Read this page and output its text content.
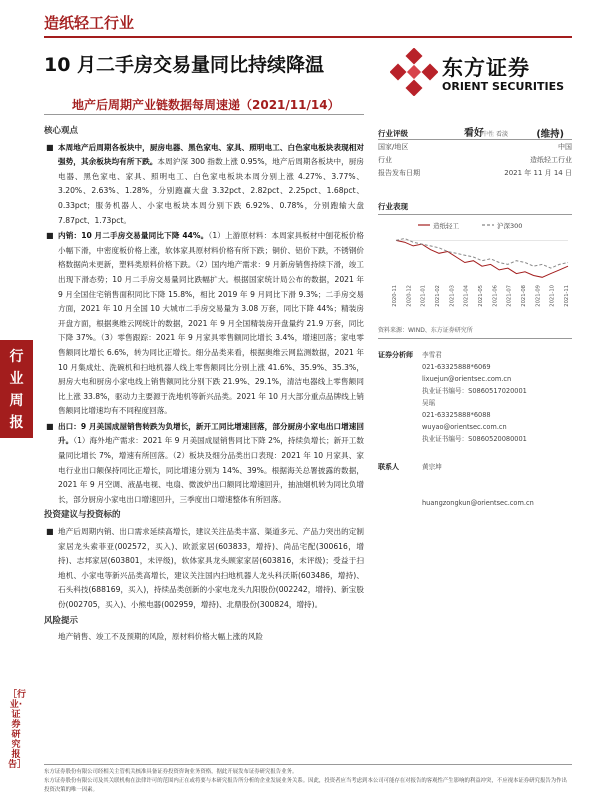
造纸轻工行业
10 月二手房交易量同比持续降温
地产后周期产业链数据每周速递（2021/11/14）
东方证券
ORIENT SECURITIES
行
业
周
报
［行业·证券研究报告］
核心观点
■ 本周地产后周期各板块中，厨房电器、黑色家电、家具、照明电工、白色家电板块表现相对强势，其余板块均有所下跌。本周沪深 300 指数上涨 0.95%，地产后周期各板块中，厨房电器、黑色家电、家具、照明电工、白色家电板块本周分别上涨 4.27%、3.77%、3.20%、2.63%、1.28%，分别跑赢大盘 3.32pct、2.82pct、2.25pct、1.68pct、0.33pct；服务机器人、小家电板块本周分别下跌 6.92%、0.78%，分别跑输大盘 7.87pct、1.73pct。
■ 内销：10 月二手房交易量同比下降 44%。（1）上游原材料：本周家具板材中刨花板价格小幅下滑，中密度板价格上涨，软体家具原材料价格有所下跌；铜价、铝价下跌，不锈钢价格数据尚未更新，塑料类原料价格下跌。（2）国内地产需求：9 月新房销售持续下滑，竣工出现下滑态势；10 月二手房交易量同比跌幅扩大。根据国家统计局公布的数据，2021 年 9 月全国住宅销售面积同比下降 15.8%，相比 2019 年 9 月同比下滑 9.3%；二手房交易方面，2021 年 10 月全国 10 大城市二手房交易量为 3.08 万套，同比下降 44%；精装房开盘方面，根据奥维云网统计的数据，2021 年 9 月全国精装房开盘量约 21.9 万套，同比下降 37%。（3）零售跟踪：2021 年 9 月家具零售额同比增长 3.4%，增速回落；家电零售额同比增长 6.6%，转为同比正增长。细分品类来看，根据奥维云网监测数据，2021 年 10 月集成灶、洗碗机和扫地机器人线上零售额同比分别上涨 41.6%、35.9%、35.3%，厨房大电和厨房小家电线上销售额同比分别下跌 21.9%、29.1%，清洁电器线上零售额同比上涨 33.8%，驱动力主要源于洗地机等新兴品类。2021 年 10 月大部分重点品牌线上销售额同比增速均有不同程度回落。
■ 出口：9 月美国成屋销售转跌为负增长，新开工同比增速回落，部分厨房小家电出口增速回升。（1）海外地产需求：2021 年 9 月美国成屋销售同比下降 2%，持续负增长；新开工数量同比增长 7%，增速有所回落。（2）板块及细分品类出口表现：2021 年 10 月家具、家电行业出口额保持同比正增长，同比增速分别为 14%、39%。根据海关总署披露的数据，2021 年 9 月空调、液晶电视、电扇、微波炉出口额同比增速回升，抽油烟机转为同比负增长，部分厨房小家电出口增速回升，三季度出口增速整体有所回落。
投资建议与投资标的
■ 地产后周期内销、出口需求延续高增长，建议关注品类丰富、渠道多元、产品力突出的定制家居龙头索菲亚(002572，买入)、欧派家居(603833，增持)、尚品宅配(300616，增持)、志邦家居(603801，未评级)，软体家具龙头顾家家居(603816，未评级)；受益于扫地机、小家电等新兴品类高增长，建议关注国内扫地机器人龙头科沃斯(603486，增持)、石头科技(688169，买入)，持续品类创新的小家电龙头九阳股份(002242，增持)、新宝股份(002705，买入)、小熊电器(002959，增持)、北鼎股份(300824，增持)。
风险提示
地产销售、竣工不及预期的风险，原材料价格大幅上涨的风险
行业评级	看好
中性 看淡	(维持)
国家/地区	中国
行业	造纸轻工行业
报告发布日期	2021 年 11 月 14 日
行业表现
造纸轻工	沪深300
2020-11 2020-12 2021-01 2021-02 2021-03 2021-04 2021-05 2021-06 2021-07 2021-08 2021-09 2021-10 2021-11
资料来源：WIND、东方证券研究所
证券分析师 李雪君
021-63325888*6069
lixuejun@orientsec.com.cn
执业证书编号：S0860517020001
吴瑶
021-63325888*6088
wuyao@orientsec.com.cn
执业证书编号：S0860520080001
联系人	黄宗坤
huangzongkun@orientsec.com.cn
东方证券股份有限公司经相关主管机关核准具备证券投资咨询业务资格，据此开展发布证券研究报告业务。
东方证券股份有限公司及其关联机构在法律许可的范围内正在或将要与本研究报告所分析的企业发展业务关系。因此，投资者应当考虑到本公司可能存在对报告的客观性产生影响的利益冲突，不应视本证券研究报告为作出投资决策的唯一因素。
